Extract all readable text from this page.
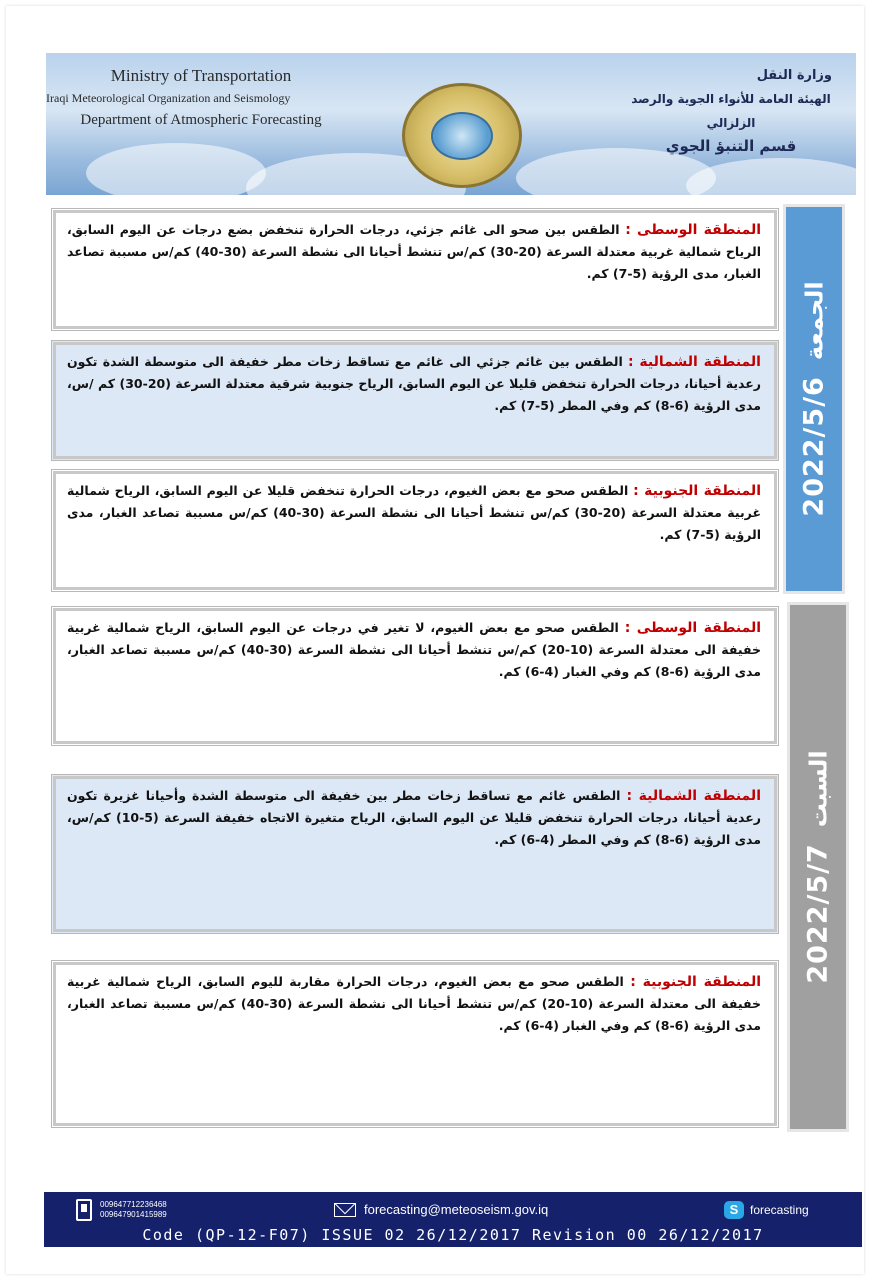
Ministry of Transportation
Iraqi Meteorological Organization and Seismology
Department of Atmospheric Forecasting
وزارة النقل
الهيئة العامة للأنواء الجوية والرصد الزلزالي
قسم التنبؤ الجوي
2022/5/6
الجمعة
2022/5/7
السبت
المنطقة الوسطى : الطقس بين صحو الى غائم جزئي، درجات الحرارة تنخفض بضع درجات عن اليوم السابق، الرياح شمالية غربية معتدلة السرعة (20-30) كم/س تنشط أحيانا الى نشطة السرعة (30-40) كم/س مسببة تصاعد الغبار، مدى الرؤية (5-7) كم.
المنطقة الشمالية : الطقس بين غائم جزئي الى غائم مع تساقط زخات مطر خفيفة الى متوسطة الشدة تكون رعدية أحيانا، درجات الحرارة تنخفض قليلا عن اليوم السابق، الرياح جنوبية شرقية معتدلة السرعة (20-30) كم /س، مدى الرؤية (6-8) كم وفي المطر (5-7) كم.
المنطقة الجنوبية : الطقس صحو مع بعض الغيوم، درجات الحرارة تنخفض قليلا عن اليوم السابق، الرياح شمالية غربية معتدلة السرعة (20-30) كم/س تنشط أحيانا الى نشطة السرعة (30-40) كم/س مسببة تصاعد الغبار، مدى الرؤية (5-7) كم.
المنطقة الوسطى : الطقس صحو مع بعض الغيوم، لا تغير في درجات عن اليوم السابق، الرياح شمالية غربية خفيفة الى معتدلة السرعة (10-20) كم/س تنشط أحيانا الى نشطة السرعة (30-40) كم/س مسببة تصاعد الغبار، مدى الرؤية (6-8) كم وفي الغبار (4-6) كم.
المنطقة الشمالية : الطقس غائم مع تساقط زخات مطر بين خفيفة الى متوسطة الشدة وأحيانا غزيرة تكون رعدية أحيانا، درجات الحرارة تنخفض قليلا عن اليوم السابق، الرياح متغيرة الاتجاه خفيفة السرعة (5-10) كم/س، مدى الرؤية (6-8) كم وفي المطر (4-6) كم.
المنطقة الجنوبية : الطقس صحو مع بعض الغيوم، درجات الحرارة مقاربة لليوم السابق، الرياح شمالية غربية خفيفة الى معتدلة السرعة (10-20) كم/س تنشط أحيانا الى نشطة السرعة (30-40) كم/س مسببة تصاعد الغبار، مدى الرؤية (6-8) كم وفي الغبار (4-6) كم.
009647712236468
009647901415989	forecasting@meteoseism.gov.iq	S forecasting
Code (QP-12-F07) ISSUE 02 26/12/2017 Revision 00 26/12/2017
